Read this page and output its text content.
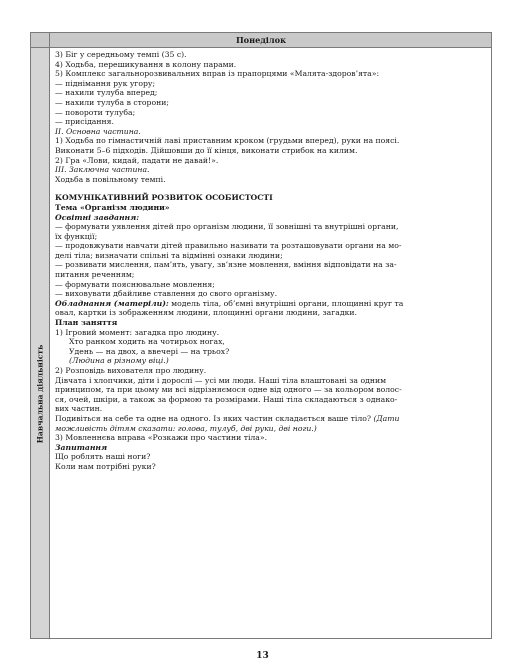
Понеділок
Навчальна діяльність

3) Біг у середньому темпі (35 с).

4) Ходьба, перешикування в колону парами.

5) Комплекс загальнорозвивальних вправ із прапорцями «Малята-здоров’ята»:

— піднімання рук угору;

— нахили тулуба вперед;

— нахили тулуба в сторони;

— повороти тулуба;

— присідання.

ІІ. Основна частина.

1) Ходьба по гімнастичній лаві приставним кроком (грудьми вперед), руки на поясі.

Виконати 5–6 підходів. Дійшовши до її кінця, виконати стрибок на килим.

2) Гра «Лови, кидай, падати не давай!».

ІІІ. Заключна частина.

Ходьба в повільному темпі.

КОМУНІКАТИВНИЙ РОЗВИТОК ОСОБИСТОСТІ

Тема «Організм людини»

Освітні завдання:

— формувати уявлення дітей про організм людини, її зовнішні та внутрішні органи,

їх функції;

— продовжувати навчати дітей правильно називати та розташовувати органи на мо-

делі тіла; визначати спільні та відмінні ознаки людини;

— розвивати мислення, пам’ять, увагу, зв’язне мовлення, вміння відповідати на за-

питання реченням;

— формувати пояснювальне мовлення;

— виховувати дбайливе ставлення до свого організму.

Обладнання (матеріли): модель тіла, об’ємні внутрішні органи, площинні круг та

овал, картки із зображенням людини, площинні органи людини, загадки.

План заняття

1) Ігровий момент: загадка про людину.

Хто ранком ходить на чотирьох ногах,

Удень — на двох, а ввечері — на трьох?

(Людина в різному віці.)

2) Розповідь вихователя про людину.

Дівчата і хлопчики, діти і дорослі — усі ми люди. Наші тіла влаштовані за одним

принципом, та при цьому ми всі відрізняємося одне від одного — за кольором волос-

ся, очей, шкіри, а також за формою та розмірами. Наші тіла складаються з однако-

вих частин.

Подивіться на себе та одне на одного. Із яких частин складається ваше тіло? (Дати

можливість дітям сказати: голова, тулуб, дві руки, дві ноги.)

3) Мовленнєва вправа «Розкажи про частини тіла».

Запитання

Що роблять наші ноги?

Коли нам потрібні руки?

13
